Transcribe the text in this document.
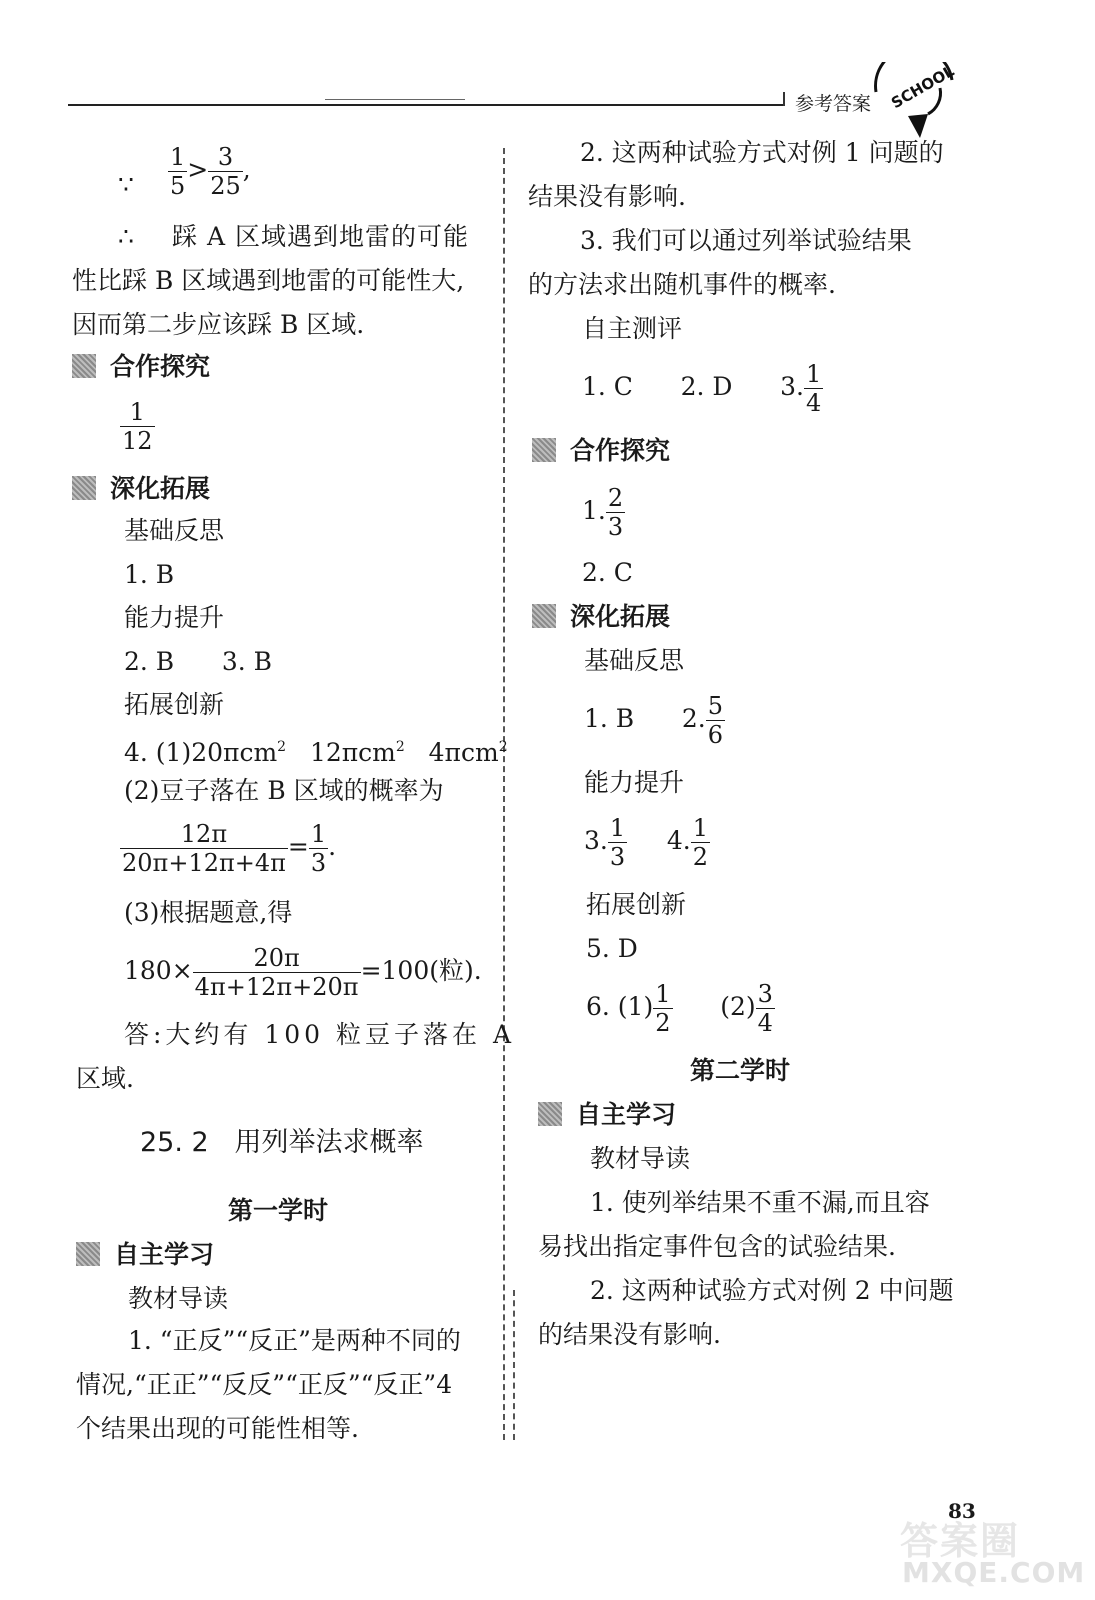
参考答案 SCHOOL
∵ $\frac{1}{5} > \frac{3}{25}$ ,
∴ 踩 A 区域遇到地雷的可能
性比踩 B 区域遇到地雷的可能性大,
因而第二步应该踩 B 区域.
合作探究
$\frac{1}{12}$
深化拓展
基础反思
1. B
能力提升
2. B      3. B
拓展创新
4. (1)20πcm$^2$ 12πcm$^2$ 4πcm$^2$
(2)豆子落在 B 区域的概率为
$\frac{12\pi}{20\pi+12\pi+4\pi} = \frac{1}{3}$ .
(3)根据题意,得
$180\times \frac{20\pi}{4\pi+12\pi+20\pi} =100$(粒).
答:大约有 100 粒豆子落在 A
区域.
25. 2   用列举法求概率
第一学时
自主学习
教材导读
1. “正反”“反正”是两种不同的
情况,“正正”“反反”“正反”“反正”4
个结果出现的可能性相等.
2. 这两种试验方式对例 1 问题的
结果没有影响.
3. 我们可以通过列举试验结果
的方法求出随机事件的概率.
自主测评
1. C      2. D      3. $\frac{1}{4}$
合作探究
1. $\frac{2}{3}$
2. C
深化拓展
基础反思
1. B      2. $\frac{5}{6}$
能力提升
3. $\frac{1}{3} 4$. $\frac{1}{2}$
拓展创新
5. D
6. $(1) \frac{1}{2} (2) \frac{3}{4}$
第二学时
自主学习
教材导读
1. 使列举结果不重不漏,而且容
易找出指定事件包含的试验结果.
2. 这两种试验方式对例 2 中问题
的结果没有影响.
83
答案圈
MXQE.COM
